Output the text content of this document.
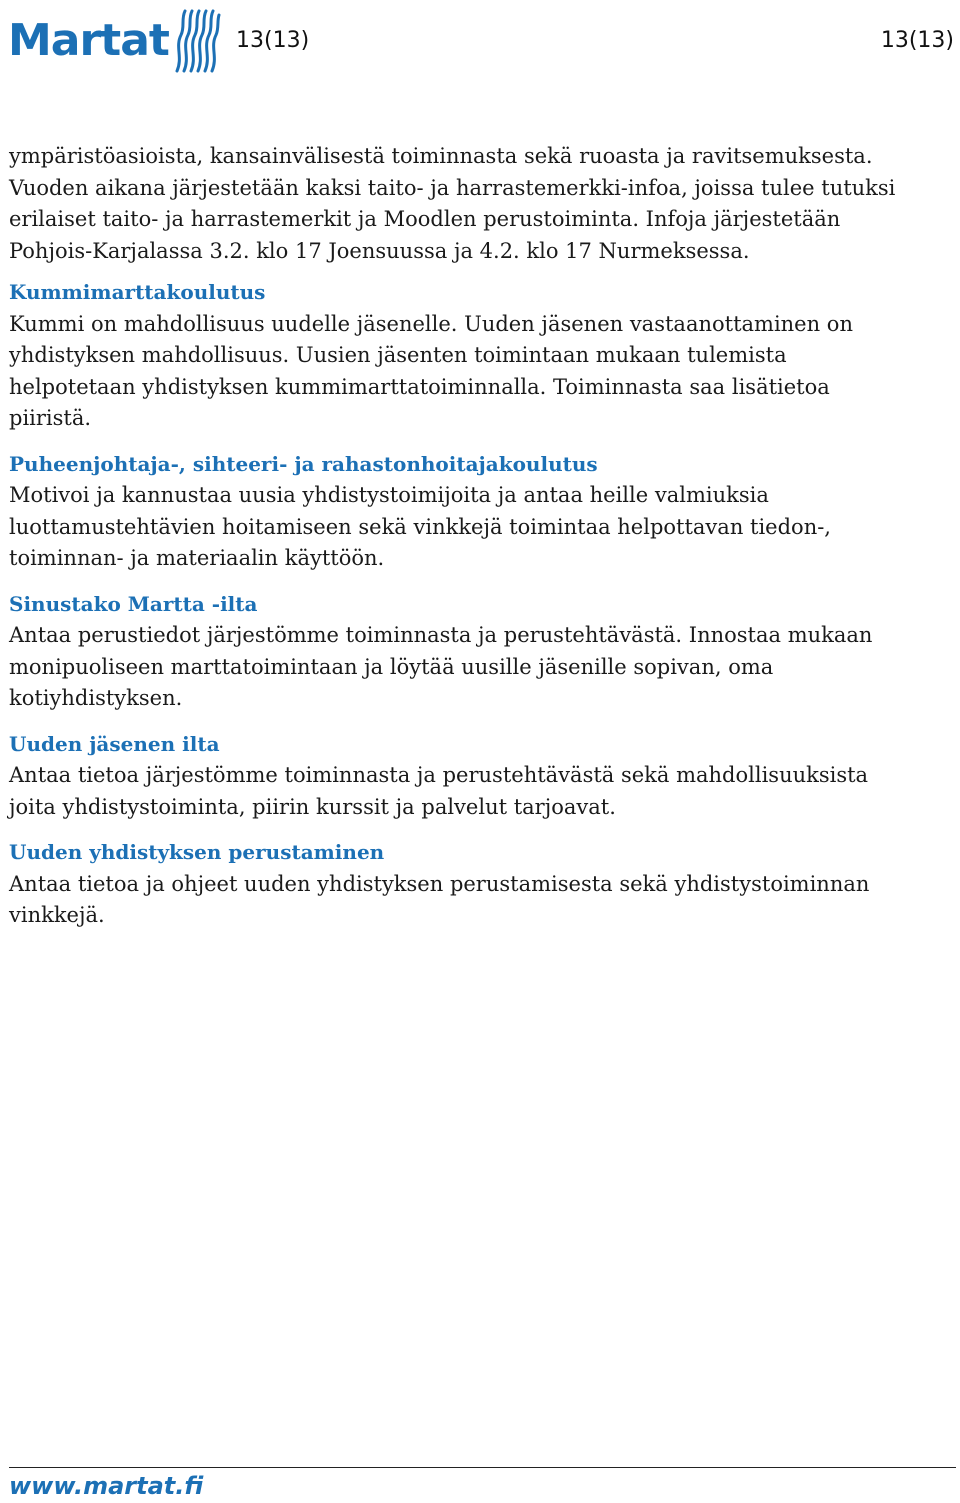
Martat	13(13)	13(13)

ympäristöasioista, kansainvälisestä toiminnasta sekä ruoasta ja ravitsemuksesta.

Vuoden aikana järjestetään kaksi taito- ja harrastemerkki-infoa, joissa tulee tutuksi

erilaiset taito- ja harrastemerkit ja Moodlen perustoiminta. Infoja järjestetään

Pohjois-Karjalassa 3.2. klo 17 Joensuussa ja 4.2. klo 17 Nurmeksessa.

Kummimarttakoulutus

Kummi on mahdollisuus uudelle jäsenelle. Uuden jäsenen vastaanottaminen on

yhdistyksen mahdollisuus. Uusien jäsenten toimintaan mukaan tulemista

helpotetaan yhdistyksen kummimarttatoiminnalla. Toiminnasta saa lisätietoa

piiristä.

Puheenjohtaja-, sihteeri- ja rahastonhoitajakoulutus

Motivoi ja kannustaa uusia yhdistystoimijoita ja antaa heille valmiuksia

luottamustehtävien hoitamiseen sekä vinkkejä toimintaa helpottavan tiedon-,

toiminnan- ja materiaalin käyttöön.

Sinustako Martta -ilta

Antaa perustiedot järjestömme toiminnasta ja perustehtävästä. Innostaa mukaan

monipuoliseen marttatoimintaan ja löytää uusille jäsenille sopivan, oma

kotiyhdistyksen.

Uuden jäsenen ilta

Antaa tietoa järjestömme toiminnasta ja perustehtävästä sekä mahdollisuuksista

joita yhdistystoiminta, piirin kurssit ja palvelut tarjoavat.

Uuden yhdistyksen perustaminen

Antaa tietoa ja ohjeet uuden yhdistyksen perustamisesta sekä yhdistystoiminnan

vinkkejä.

www.martat.fi
